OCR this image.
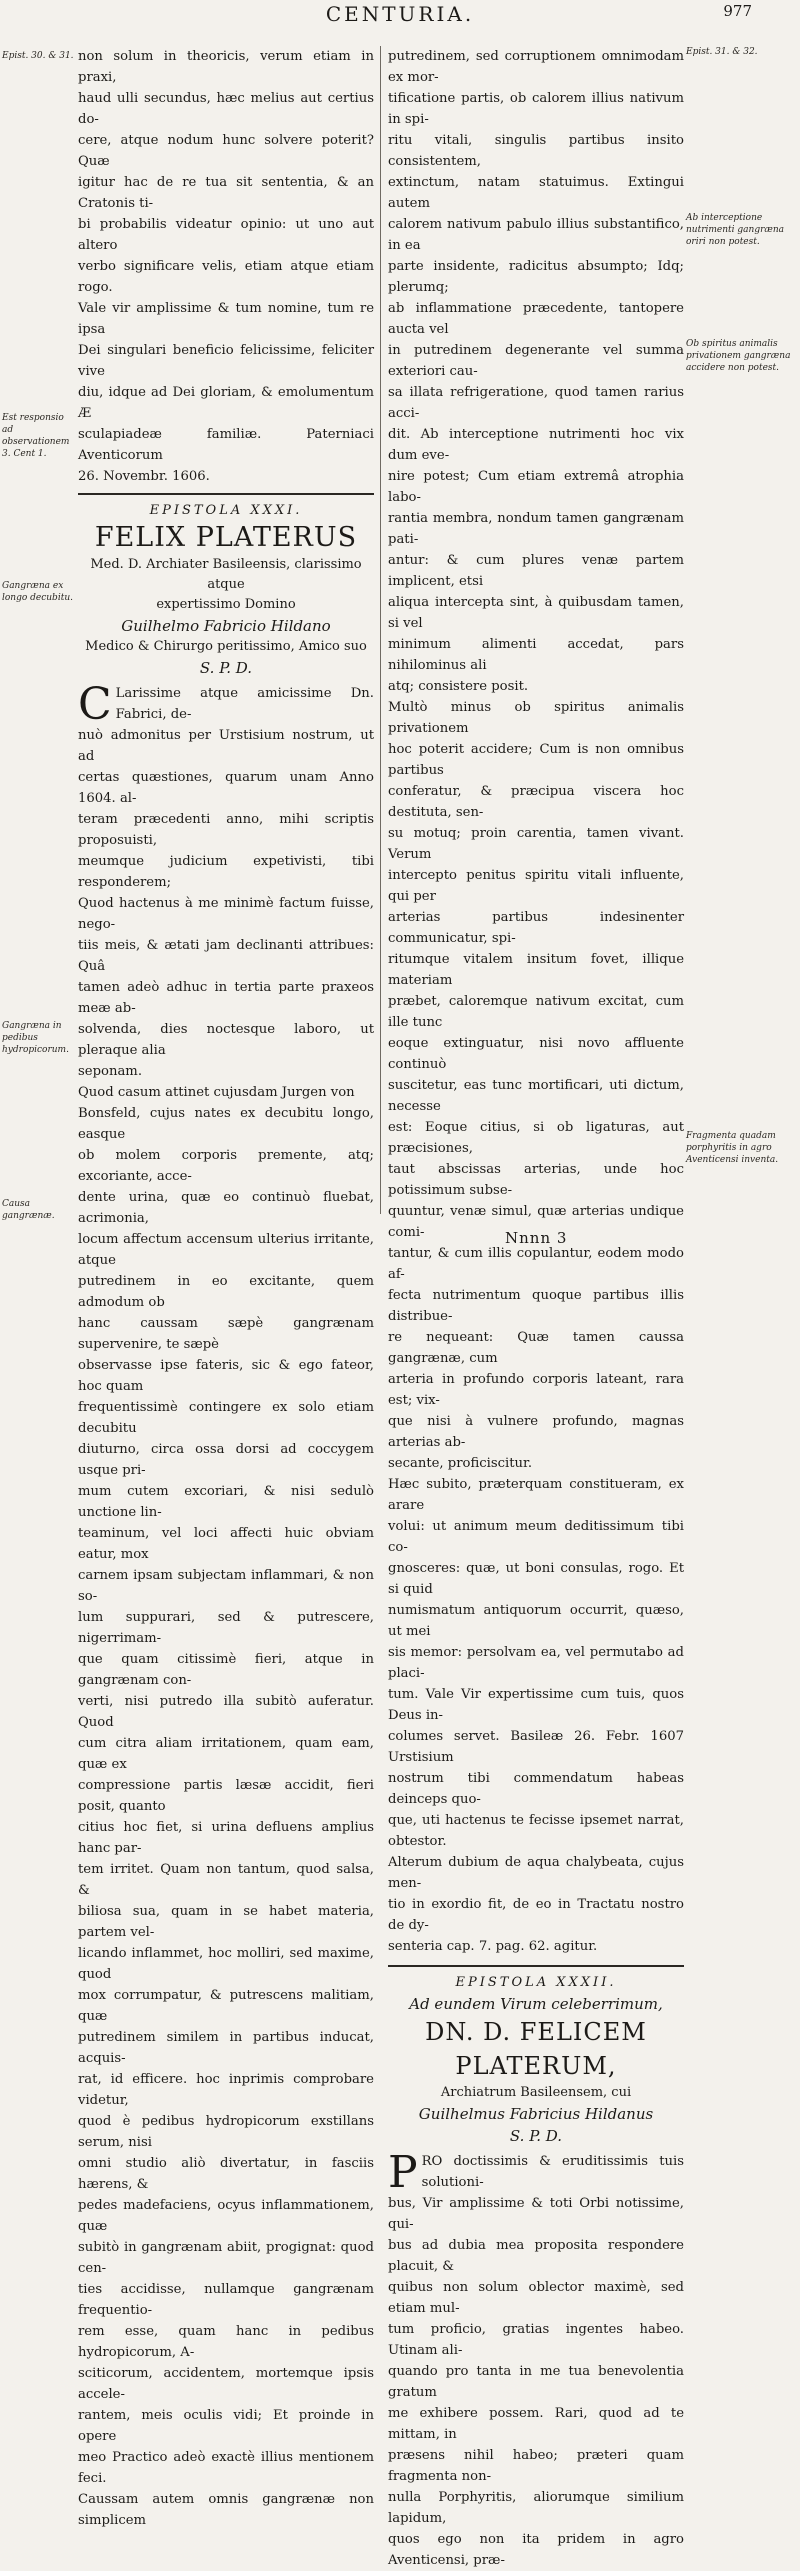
CENTURIA.	977
Epist. 30. & 31.
Est responsio ad observationem 3. Cent 1.
Gangræna ex longo decubitu.
Gangræna in pedibus hydropicorum.
Causa gangrænæ.
Epist. 31. & 32.
Ab interceptione nutrimenti gangræna oriri non potest.
Ob spiritus animalis privationem gangræna accidere non potest.
Fragmenta quadam porphyritis in agro Aventicensi inventa.

non solum in theoricis, verum etiam in praxi,

haud ulli secundus, hæc melius aut certius do-

cere, atque nodum hunc solvere poterit? Quæ

igitur hac de re tua sit sententia, & an Cratonis ti-

bi probabilis videatur opinio: ut uno aut altero

verbo significare velis, etiam atque etiam rogo.

Vale vir amplissime & tum nomine, tum re ipsa

Dei singulari beneficio felicissime, feliciter vive

diu, idque ad Dei gloriam, & emolumentum Æ

sculapiadeæ familiæ. Paterniaci Aventicorum

26. Novembr. 1606.

EPISTOLA XXXI.
FELIX PLATERUS
Med. D. Archiater Basileensis, clarissimo atque
expertissimo Domino
Guilhelmo Fabricio Hildano
Medico & Chirurgo peritissimo, Amico suo
S. P. D.
C Larissime atque amicissime Dn. Fabrici, de-

nuò admonitus per Urstisium nostrum, ut ad

certas quæstiones, quarum unam Anno 1604. al-

teram præcedenti anno, mihi scriptis proposuisti,

meumque judicium expetivisti, tibi responderem;

Quod hactenus à me minimè factum fuisse, nego-

tiis meis, & ætati jam declinanti attribues: Quâ

tamen adeò adhuc in tertia parte praxeos meæ ab-

solvenda, dies noctesque laboro, ut pleraque alia

seponam.

Quod casum attinet cujusdam Jurgen von

Bonsfeld, cujus nates ex decubitu longo, easque

ob molem corporis premente, atq; excoriante, acce-

dente urina, quæ eo continuò fluebat, acrimonia,

locum affectum accensum ulterius irritante, atque

putredinem in eo excitante, quem admodum ob

hanc caussam sæpè gangrænam supervenire, te sæpè

observasse ipse fateris, sic & ego fateor, hoc quam

frequentissimè contingere ex solo etiam decubitu

diuturno, circa ossa dorsi ad coccygem usque pri-

mum cutem excoriari, & nisi sedulò unctione lin-

teaminum, vel loci affecti huic obviam eatur, mox

carnem ipsam subjectam inflammari, & non so-

lum suppurari, sed & putrescere, nigerrimam-

que quam citissimè fieri, atque in gangrænam con-

verti, nisi putredo illa subitò auferatur. Quod

cum citra aliam irritationem, quam eam, quæ ex

compressione partis læsæ accidit, fieri posit, quanto

citius hoc fiet, si urina defluens amplius hanc par-

tem irritet. Quam non tantum, quod salsa, &

biliosa sua, quam in se habet materia, partem vel-

licando inflammet, hoc molliri, sed maxime, quod

mox corrumpatur, & putrescens malitiam, quæ

putredinem similem in partibus inducat, acquis-

rat, id efficere. hoc inprimis comprobare videtur,

quod è pedibus hydropicorum exstillans serum, nisi

omni studio aliò divertatur, in fasciis hærens, &

pedes madefaciens, ocyus inflammationem, quæ

subitò in gangrænam abiit, progignat: quod cen-

ties accidisse, nullamque gangrænam frequentio-

rem esse, quam hanc in pedibus hydropicorum, A-

sciticorum, accidentem, mortemque ipsis accele-

rantem, meis oculis vidi; Et proinde in opere

meo Practico adeò exactè illius mentionem feci.

Caussam autem omnis gangrænæ non simplicem

putredinem, sed corruptionem omnimodam ex mor-

tificatione partis, ob calorem illius nativum in spi-

ritu vitali, singulis partibus insito consistentem,

extinctum, natam statuimus. Extingui autem

calorem nativum pabulo illius substantifico, in ea

parte insidente, radicitus absumpto; Idq; plerumq;

ab inflammatione præcedente, tantopere aucta vel

in putredinem degenerante vel summa exteriori cau-

sa illata refrigeratione, quod tamen rarius acci-

dit. Ab interceptione nutrimenti hoc vix dum eve-

nire potest; Cum etiam extremâ atrophia labo-

rantia membra, nondum tamen gangrænam pati-

antur: & cum plures venæ partem implicent, etsi

aliqua intercepta sint, à quibusdam tamen, si vel

minimum alimenti accedat, pars nihilominus ali

atq; consistere posit.

Multò minus ob spiritus animalis privationem

hoc poterit accidere; Cum is non omnibus partibus

conferatur, & præcipua viscera hoc destituta, sen-

su motuq; proin carentia, tamen vivant. Verum

intercepto penitus spiritu vitali influente, qui per

arterias partibus indesinenter communicatur, spi-

ritumque vitalem insitum fovet, illique materiam

præbet, caloremque nativum excitat, cum ille tunc

eoque extinguatur, nisi novo affluente continuò

suscitetur, eas tunc mortificari, uti dictum, necesse

est: Eoque citius, si ob ligaturas, aut præcisiones,

taut abscissas arterias, unde hoc potissimum subse-

quuntur, venæ simul, quæ arterias undique comi-

tantur, & cum illis copulantur, eodem modo af-

fecta nutrimentum quoque partibus illis distribue-

re nequeant: Quæ tamen caussa gangrænæ, cum

arteria in profundo corporis lateant, rara est; vix-

que nisi à vulnere profundo, magnas arterias ab-

secante, proficiscitur.

Hæc subito, præterquam constitueram, ex arare

volui: ut animum meum deditissimum tibi co-

gnosceres: quæ, ut boni consulas, rogo. Et si quid

numismatum antiquorum occurrit, quæso, ut mei

sis memor: persolvam ea, vel permutabo ad placi-

tum. Vale Vir expertissime cum tuis, quos Deus in-

columes servet. Basileæ 26. Febr. 1607 Urstisium

nostrum tibi commendatum habeas deinceps quo-

que, uti hactenus te fecisse ipsemet narrat, obtestor.

Alterum dubium de aqua chalybeata, cujus men-

tio in exordio fit, de eo in Tractatu nostro de dy-

senteria cap. 7. pag. 62. agitur.

EPISTOLA XXXII.
Ad eundem Virum celeberrimum,
DN. D. FELICEM PLATERUM,
Archiatrum Basileensem, cui
Guilhelmus Fabricius Hildanus
S. P. D.
P RO doctissimis & eruditissimis tuis solutioni-

bus, Vir amplissime & toti Orbi notissime, qui-

bus ad dubia mea proposita respondere placuit, &

quibus non solum oblector maximè, sed etiam mul-

tum proficio, gratias ingentes habeo. Utinam ali-

quando pro tanta in me tua benevolentia gratum

me exhibere possem. Rari, quod ad te mittam, in

præsens nihil habeo; præteri quam fragmenta non-

nulla Porphyritis, aliorumque similium lapidum,

quos ego non ita pridem in agro Aventicensi, præ-

Nnnn 3
